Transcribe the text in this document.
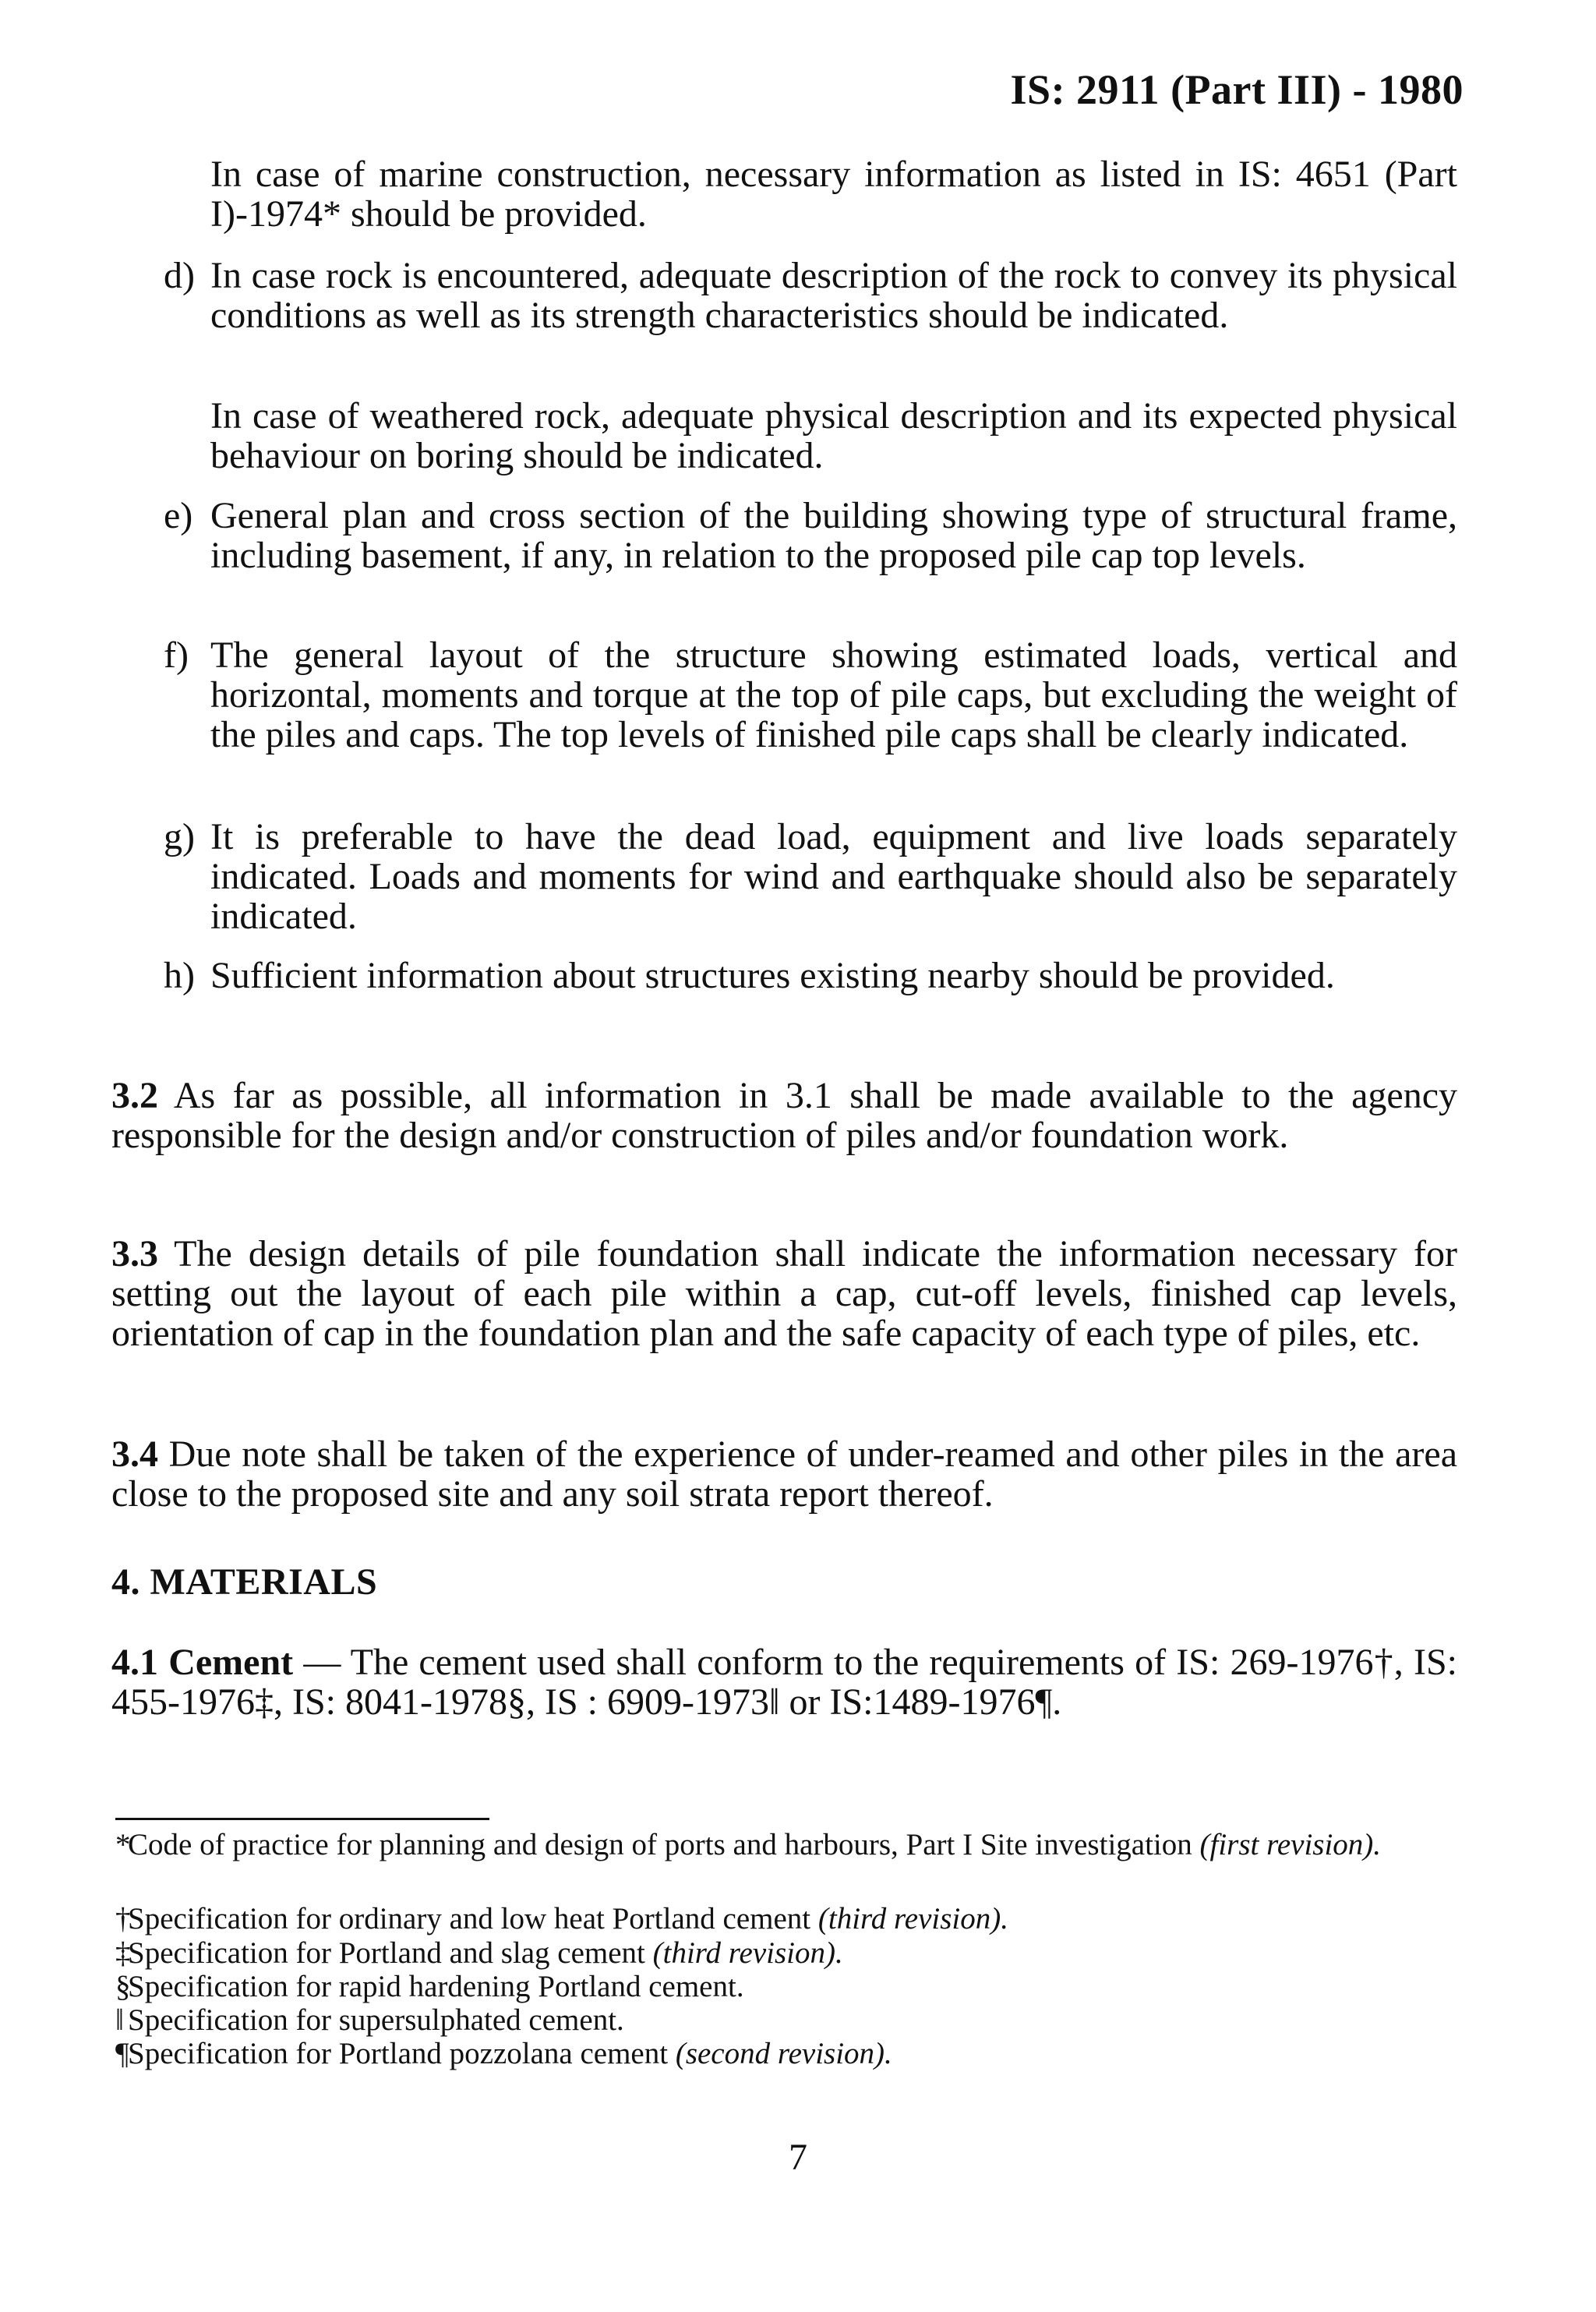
IS: 2911 (Part III) - 1980
In case of marine construction, necessary information as listed in IS: 4651 (Part I)-1974* should be provided.
d) In case rock is encountered, adequate description of the rock to convey its physical conditions as well as its strength characteristics should be indicated.
In case of weathered rock, adequate physical description and its expected physical behaviour on boring should be indicated.
e) General plan and cross section of the building showing type of structural frame, including basement, if any, in relation to the proposed pile cap top levels.
f) The general layout of the structure showing estimated loads, vertical and horizontal, moments and torque at the top of pile caps, but excluding the weight of the piles and caps. The top levels of finished pile caps shall be clearly indicated.
g) It is preferable to have the dead load, equipment and live loads separately indicated. Loads and moments for wind and earthquake should also be separately indicated.
h) Sufficient information about structures existing nearby should be provided.
3.2 As far as possible, all information in 3.1 shall be made available to the agency responsible for the design and/or construction of piles and/or foundation work.
3.3 The design details of pile foundation shall indicate the information necessary for setting out the layout of each pile within a cap, cut-off levels, finished cap levels, orientation of cap in the foundation plan and the safe capacity of each type of piles, etc.
3.4 Due note shall be taken of the experience of under-reamed and other piles in the area close to the proposed site and any soil strata report thereof.
4. MATERIALS
4.1 Cement — The cement used shall conform to the requirements of IS: 269-1976†, IS: 455-1976‡, IS: 8041-1978§, IS : 6909-1973‖ or IS:1489-1976¶.
*Code of practice for planning and design of ports and harbours, Part I Site investigation (first revision).
†Specification for ordinary and low heat Portland cement (third revision).
‡Specification for Portland and slag cement (third revision).
§Specification for rapid hardening Portland cement.
‖ Specification for supersulphated cement.
¶Specification for Portland pozzolana cement (second revision).
7
